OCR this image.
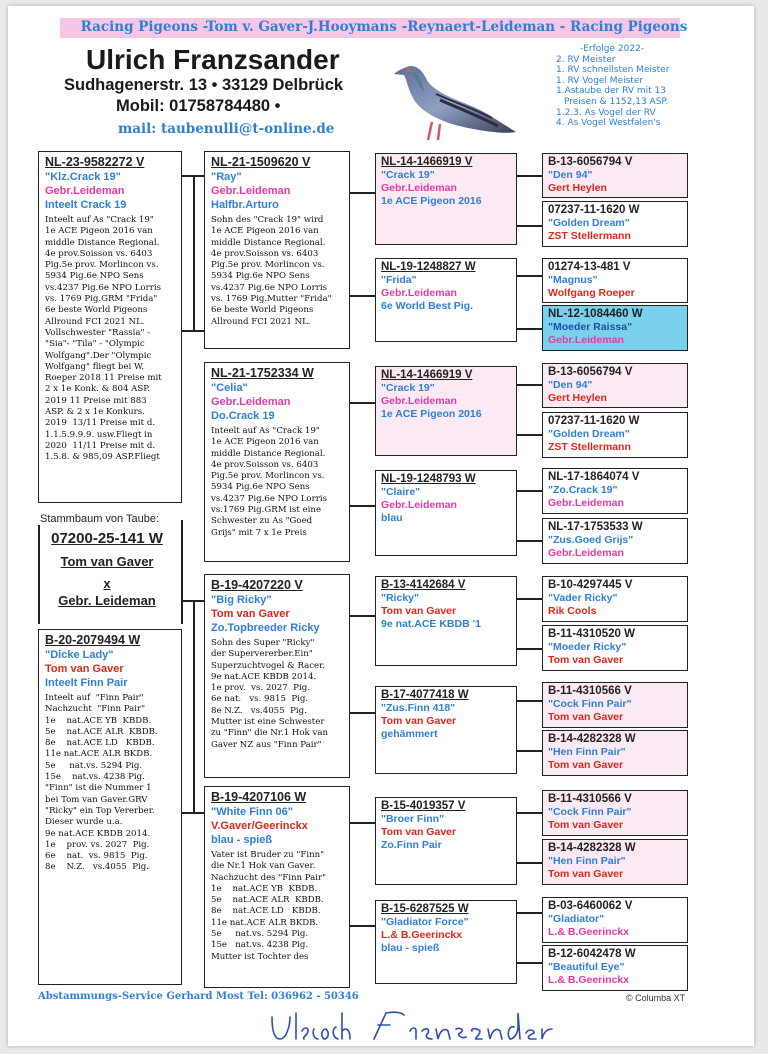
Racing Pigeons -Tom v. Gaver-J.Hooymans -Reynaert-Leideman - Racing Pigeons
Ulrich Franzsander
Sudhagenerstr. 13 • 33129 Delbrück
Mobil: 01758784480 •
mail: taubenulli@t-online.de
-Erfolge 2022-
2. RV Meister
1. RV schnellsten Meister
1. RV Vogel Meister
1.Astaube der RV mit 13
Preisen & 1152,13 ASP.
1.2.3. As Vogel der RV
4. As Vogel Westfalen's
NL-23-9582272 V
"Klz.Crack 19"
Gebr.Leideman
Inteelt Crack 19
Inteelt auf As "Crack 19"
1e ACE Pigeon 2016 van
middle Distance Regional.
4e prov.Soisson vs. 6403
Pig.5e prov. Morlincon vs.
5934 Pig.6e NPO Sens
vs.4237 Pig.6e NPO Lorris
vs. 1769 Pig.GRM "Frida"
6e beste World Pigeons
Allround FCI 2021 NL.
Vollschwester "Rassia" -
"Sia"- "Tila" - "Olympic
Wolfgang".Der "Olympic
Wolfgang" fliegt bei W.
Roeper 2018 11 Preise mit
2 x 1e Konk. & 804 ASP.
2019 11 Preise mit 883
ASP. & 2 x 1e Konkurs.
2019  13/11 Preise mit d.
1.1.5.9.9.9. usw.Fliegt in
2020  11/11 Preise mit d.
1.5.8. & 985,09 ASP.Fliegt
Stammbaum von Taube:
07200-25-141 W
Tom van Gaver
x
Gebr. Leideman
B-20-2079494 W
"Dicke Lady"
Tom van Gaver
Inteelt Finn Pair
Inteelt auf  "Finn Pair"
Nachzucht  "Finn Pair"
1e    nat.ACE YB  KBDB.
5e    nat.ACE ALR  KBDB.
8e    nat.ACE LD   KBDB.
11e nat.ACE ALR BKDB.
5e     nat.vs. 5294 Pig.
15e    nat.vs. 4238 Pig.
"Finn" ist die Nummer 1
bei Tom van Gaver.GRV
"Ricky" ein Top Vererber.
Dieser wurde u.a.
9e nat.ACE KBDB 2014.
1e    prov. vs. 2027  Pig.
6e    nat.  vs. 9815  Pig.
8e    N.Z.   vs.4055  Pig.
NL-21-1509620 V
"Ray"
Gebr.Leideman
Halfbr.Arturo
Sohn des "Crack 19" wird
1e ACE Pigeon 2016 van
middle Distance Regional.
4e prov.Soisson vs. 6403
Pig.5e prov. Morlincon vs.
5934 Pig.6e NPO Sens
vs.4237 Pig.6e NPO Lorris
vs. 1769 Pig.Mutter "Frida"
6e beste World Pigeons
Allround FCI 2021 NL.
NL-21-1752334 W
"Celia"
Gebr.Leideman
Do.Crack 19
Inteelt auf As "Crack 19"
1e ACE Pigeon 2016 van
middle Distance Regional.
4e prov.Soisson vs. 6403
Pig.5e prov. Morlincon vs.
5934 Pig.6e NPO Sens
vs.4237 Pig.6e NPO Lorris
vs.1769 Pig.GRM ist eine
Schwester zu As "Goed
Grijs" mit 7 x 1e Preis
B-19-4207220 V
"Big Ricky"
Tom van Gaver
Zo.Topbreeder Ricky
Sohn des Super "Ricky"
der Supervererber.Ein"
Superzuchtvogel & Racer.
9e nat.ACE KBDB 2014.
1e prov.  vs. 2027  Pig.
6e nat.   vs. 9815  Pig.
8e N.Z.   vs.4055  Pig.
Mutter ist eine Schwester
zu "Finn" die Nr.1 Hok van
Gaver NZ aus "Finn Pair"
B-19-4207106 W
"White Finn 06"
V.Gaver/Geerinckx
blau - spieß
Vater ist Bruder zu "Finn"
die Nr.1 Hok van Gaver.
Nachzucht des "Finn Pair"
1e    nat.ACE YB  KBDB.
5e    nat.ACE ALR  KBDB.
8e    nat.ACE LD   KBDB.
11e nat.ACE ALR BKDB.
5e     nat.vs. 5294 Pig.
15e   nat.vs. 4238 Pig.
Mutter ist Tochter des
NL-14-1466919 V
"Crack 19"
Gebr.Leideman
1e ACE Pigeon 2016
NL-19-1248827 W
"Frida"
Gebr.Leideman
6e World Best Pig.
NL-14-1466919 V
"Crack 19"
Gebr.Leideman
1e ACE Pigeon 2016
NL-19-1248793 W
"Claire"
Gebr.Leideman
blau
B-13-4142684 V
"Ricky"
Tom van Gaver
9e nat.ACE KBDB '1
B-17-4077418 W
"Zus.Finn 418"
Tom van Gaver
gehämmert
B-15-4019357 V
"Broer Finn"
Tom van Gaver
Zo.Finn Pair
B-15-6287525 W
"Gladiator Force"
L.& B.Geerinckx
blau - spieß
B-13-6056794 V
"Den 94"
Gert Heylen
07237-11-1620 W
"Golden Dream"
ZST Stellermann
01274-13-481 V
"Magnus"
Wolfgang Roeper
NL-12-1084460 W
"Moeder Raissa"
Gebr.Leideman
B-13-6056794 V
"Den 94"
Gert Heylen
07237-11-1620 W
"Golden Dream"
ZST Stellermann
NL-17-1864074 V
"Zo.Crack 19"
Gebr.Leideman
NL-17-1753533 W
"Zus.Goed Grijs"
Gebr.Leideman
B-10-4297445 V
"Vader Ricky"
Rik Cools
B-11-4310520 W
"Moeder Ricky"
Tom van Gaver
B-11-4310566 V
"Cock Finn Pair"
Tom van Gaver
B-14-4282328 W
"Hen Finn Pair"
Tom van Gaver
B-11-4310566 V
"Cock Finn Pair"
Tom van Gaver
B-14-4282328 W
"Hen Finn Pair"
Tom van Gaver
B-03-6460062 V
"Gladiator"
L.& B.Geerinckx
B-12-6042478 W
"Beautiful Eye"
L.& B.Geerinckx
Abstammungs-Service Gerhard Most Tel: 036962 - 50346	© Columba XT
